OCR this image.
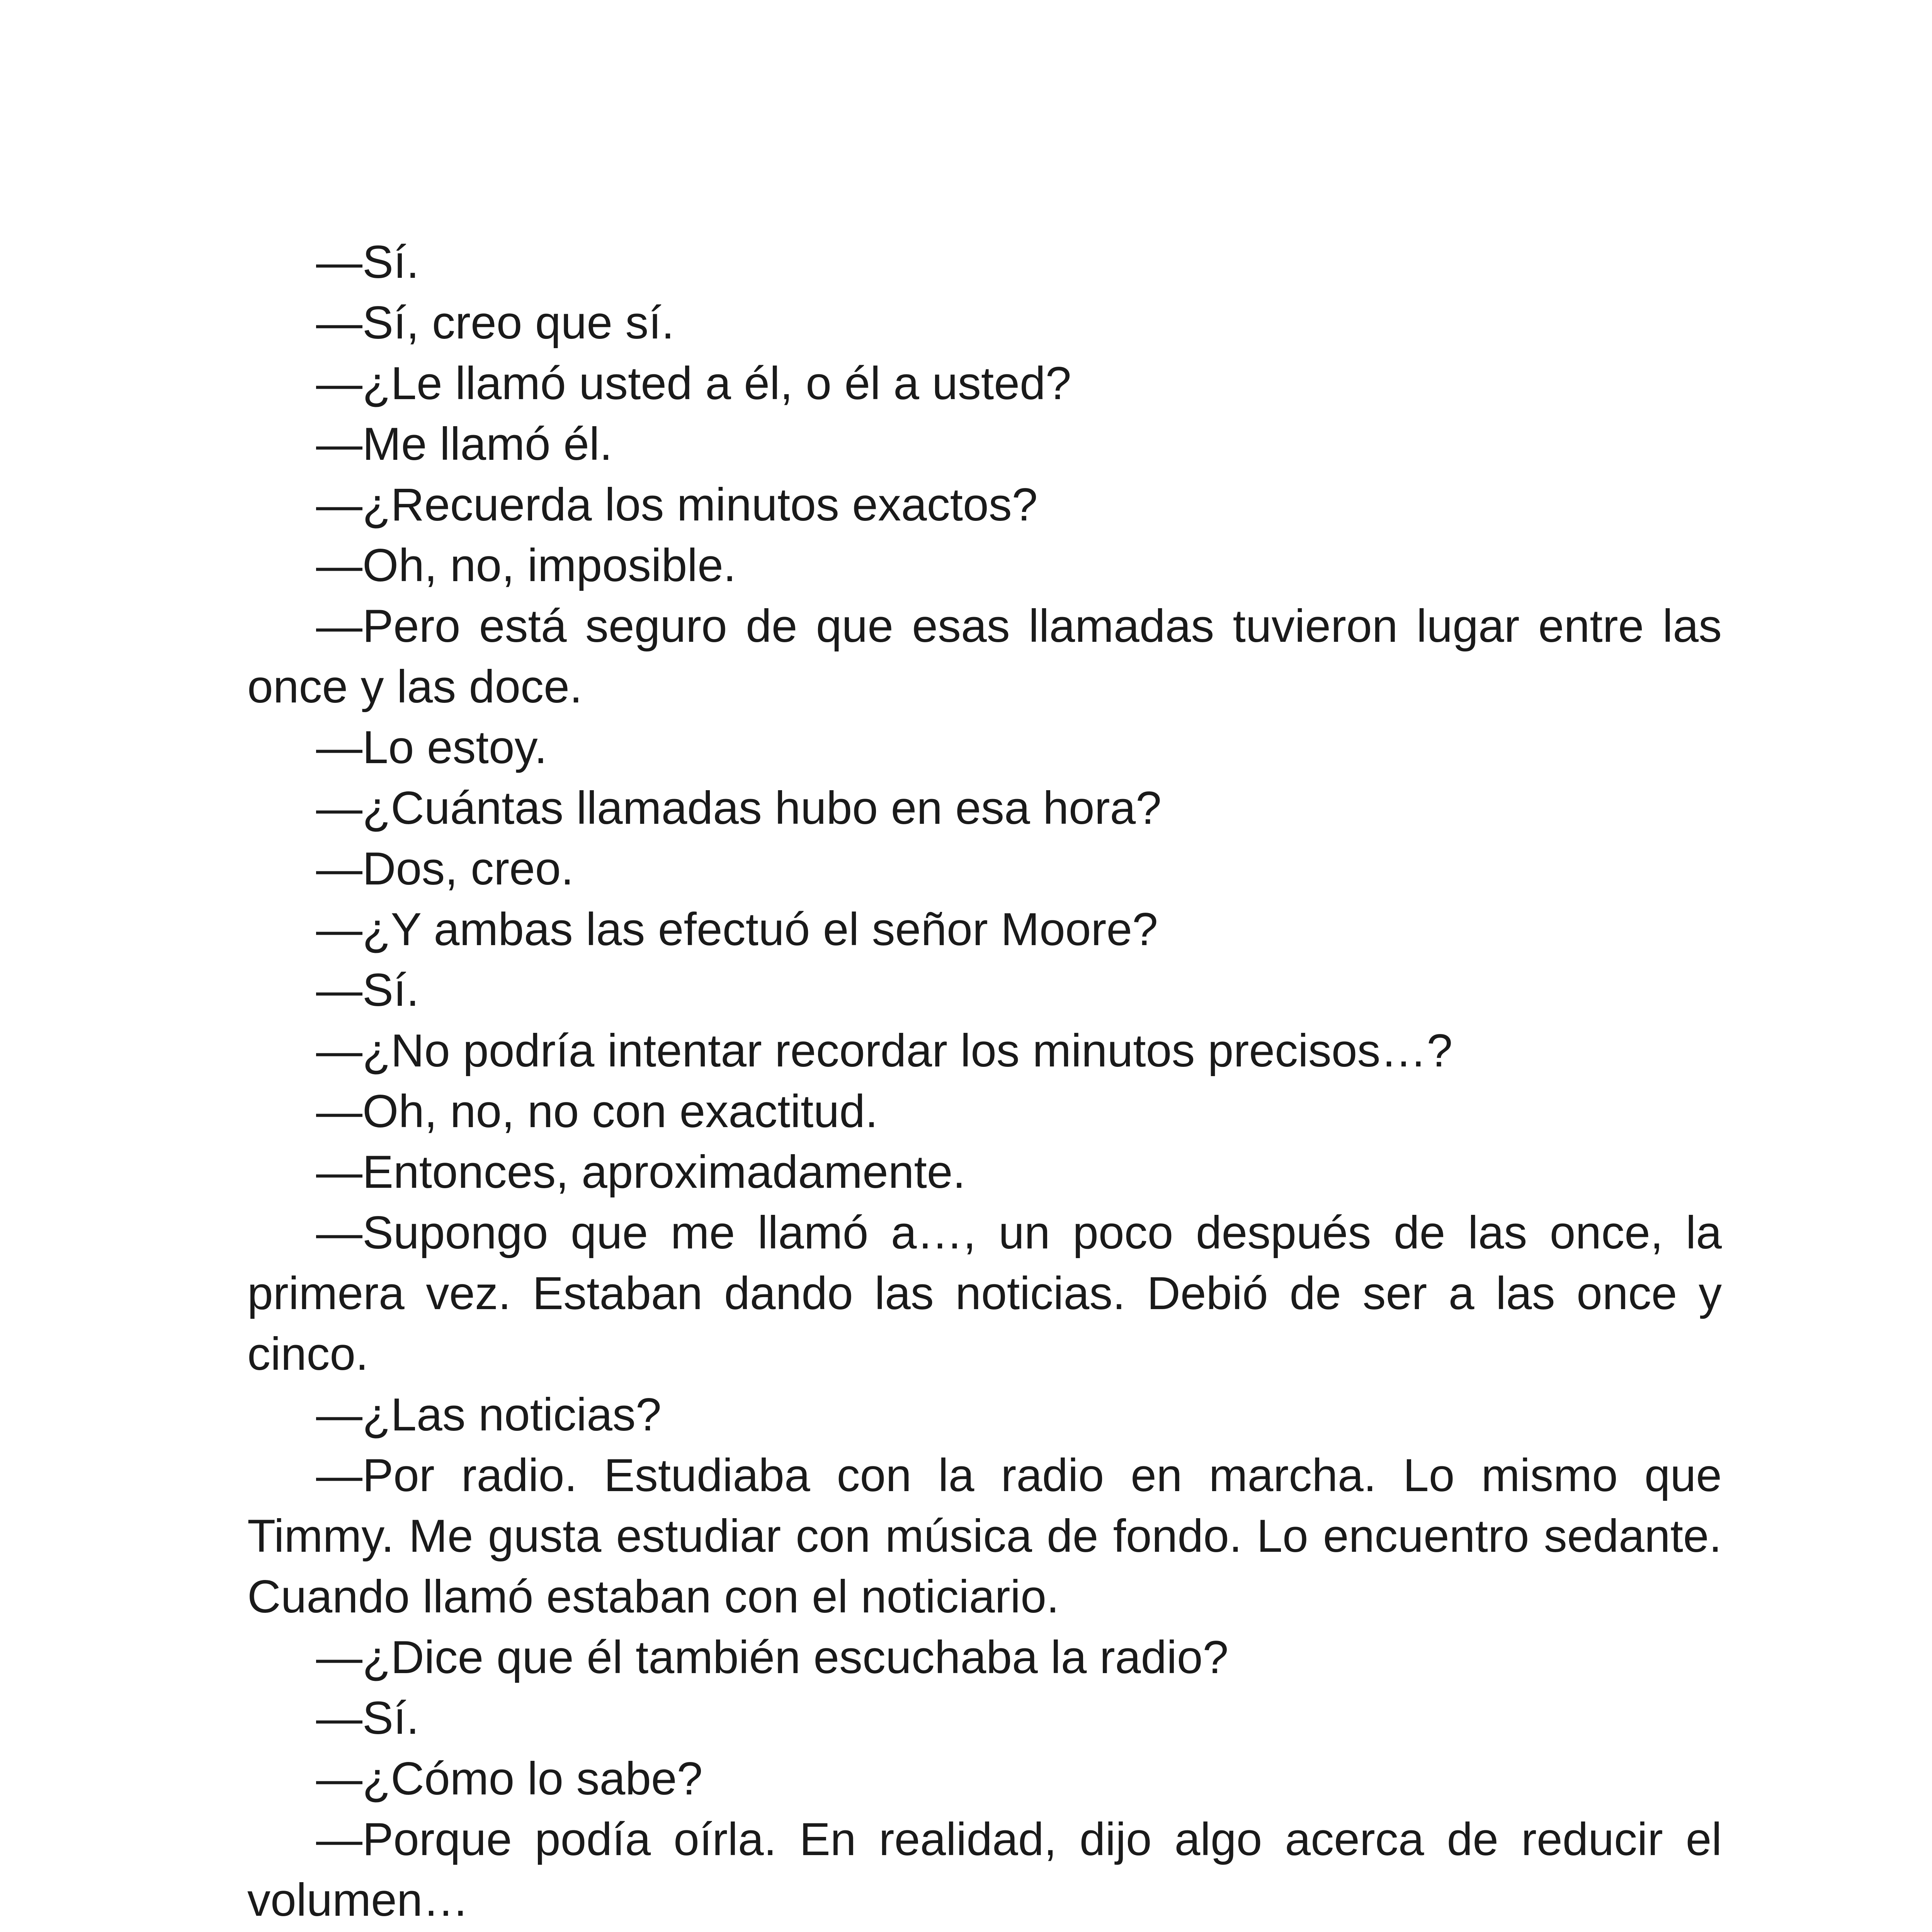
—Sí.

—Sí, creo que sí.

—¿Le llamó usted a él, o él a usted?

—Me llamó él.

—¿Recuerda los minutos exactos?

—Oh, no, imposible.

—Pero está seguro de que esas llamadas tuvieron lugar entre las once y las doce.

—Lo estoy.

—¿Cuántas llamadas hubo en esa hora?

—Dos, creo.

—¿Y ambas las efectuó el señor Moore?

—Sí.

—¿No podría intentar recordar los minutos precisos…?

—Oh, no, no con exactitud.

—Entonces, aproximadamente.

—Supongo que me llamó a…, un poco después de las once, la primera vez. Estaban dando las noticias. Debió de ser a las once y cinco.

—¿Las noticias?

—Por radio. Estudiaba con la radio en marcha. Lo mismo que Timmy. Me gusta estudiar con música de fondo. Lo encuentro sedante. Cuando llamó estaban con el noticiario.

—¿Dice que él también escuchaba la radio?

—Sí.

—¿Cómo lo sabe?

—Porque podía oírla. En realidad, dijo algo acerca de reducir el volumen…
